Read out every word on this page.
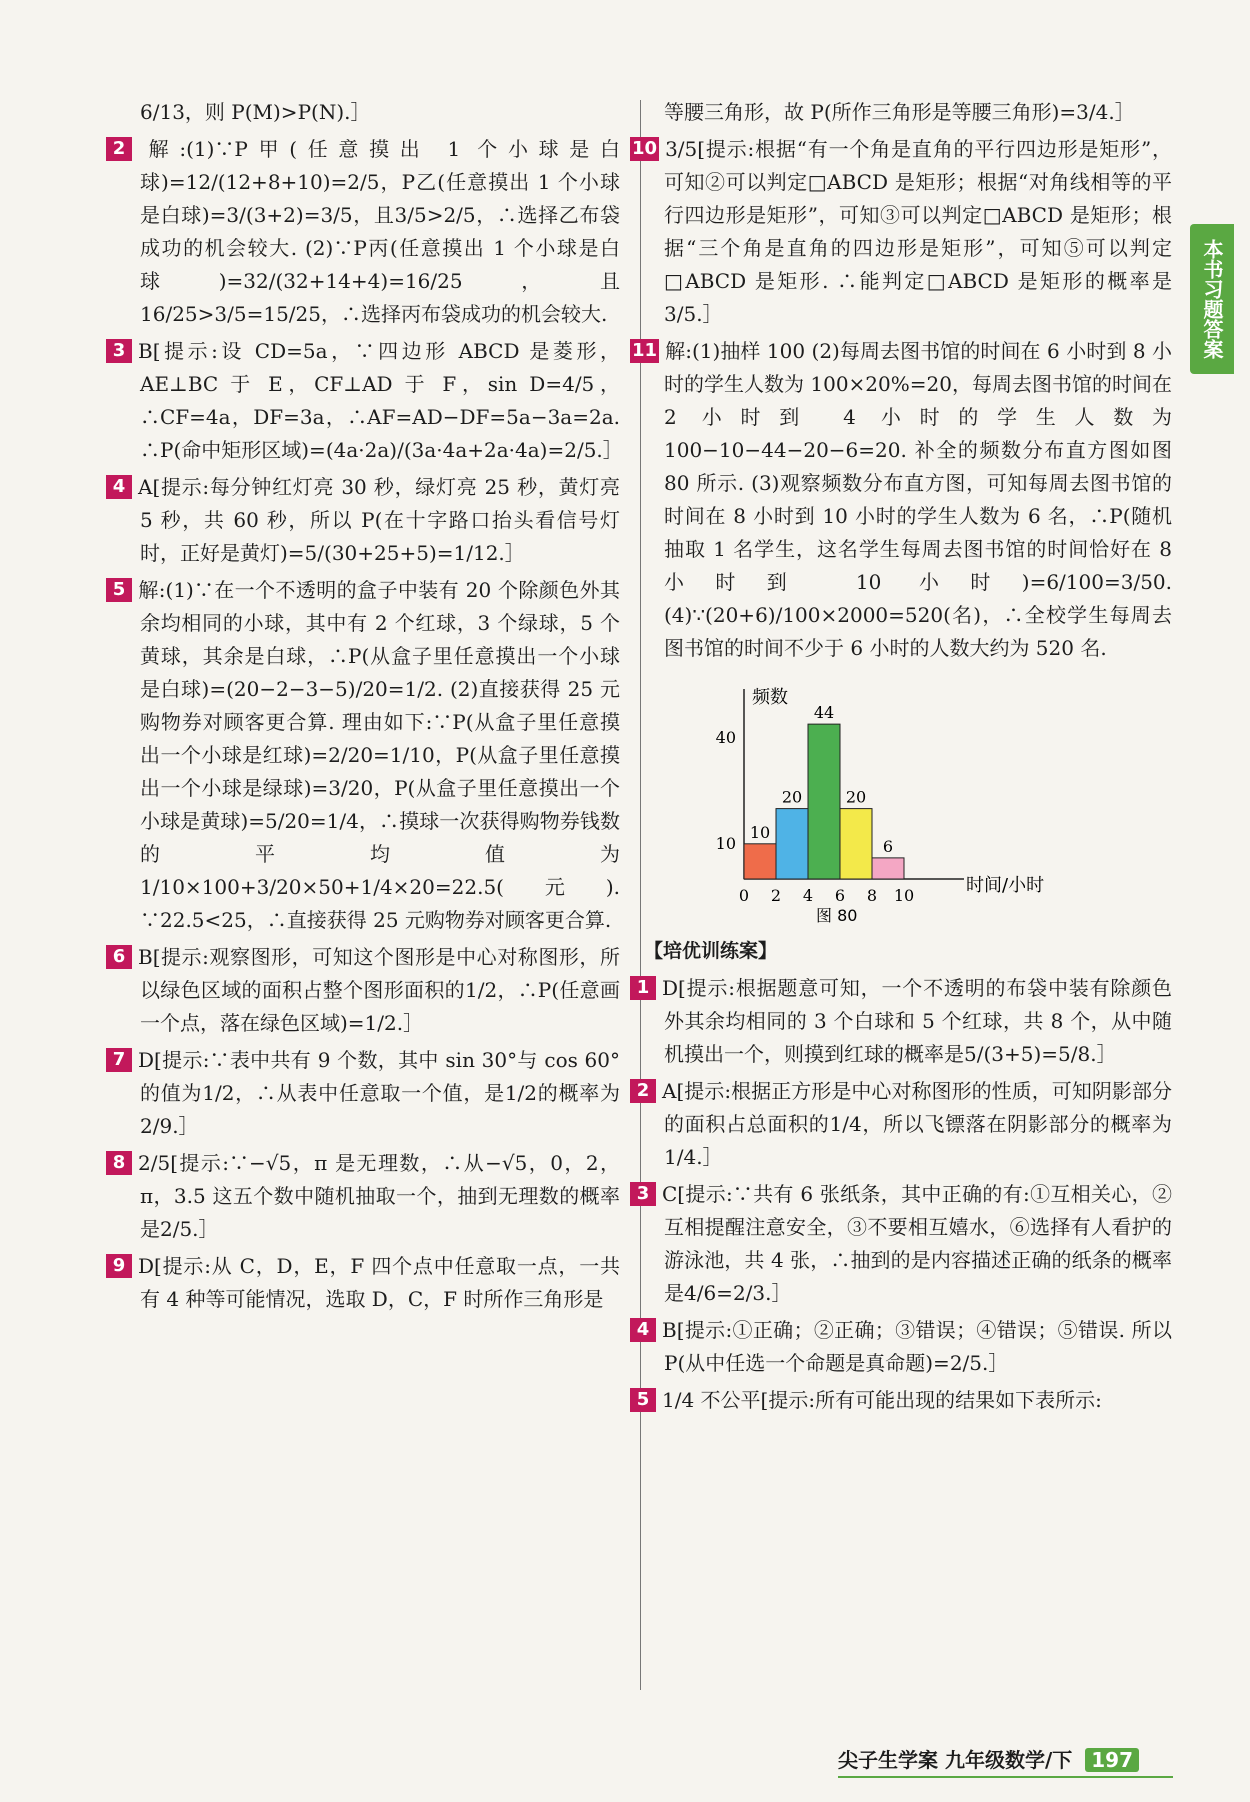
本书习题答案
6/13，则 P(M)>P(N).］
2 解:(1)∵P甲(任意摸出 1 个小球是白球)=12/(12+8+10)=2/5，P乙(任意摸出 1 个小球是白球)=3/(3+2)=3/5，且3/5>2/5，∴选择乙布袋成功的机会较大. (2)∵P丙(任意摸出 1 个小球是白球)=32/(32+14+4)=16/25，且16/25>3/5=15/25，∴选择丙布袋成功的机会较大.
3 B[提示:设 CD=5a，∵四边形 ABCD 是菱形，AE⊥BC 于 E，CF⊥AD 于 F，sin D=4/5，∴CF=4a，DF=3a，∴AF=AD−DF=5a−3a=2a. ∴P(命中矩形区域)=(4a·2a)/(3a·4a+2a·4a)=2/5.］
4 A[提示:每分钟红灯亮 30 秒，绿灯亮 25 秒，黄灯亮 5 秒，共 60 秒，所以 P(在十字路口抬头看信号灯时，正好是黄灯)=5/(30+25+5)=1/12.］
5 解:(1)∵在一个不透明的盒子中装有 20 个除颜色外其余均相同的小球，其中有 2 个红球，3 个绿球，5 个黄球，其余是白球，∴P(从盒子里任意摸出一个小球是白球)=(20−2−3−5)/20=1/2. (2)直接获得 25 元购物券对顾客更合算. 理由如下:∵P(从盒子里任意摸出一个小球是红球)=2/20=1/10，P(从盒子里任意摸出一个小球是绿球)=3/20，P(从盒子里任意摸出一个小球是黄球)=5/20=1/4，∴摸球一次获得购物券钱数的平均值为1/10×100+3/20×50+1/4×20=22.5(元). ∵22.5<25，∴直接获得 25 元购物券对顾客更合算.
6 B[提示:观察图形，可知这个图形是中心对称图形，所以绿色区域的面积占整个图形面积的1/2，∴P(任意画一个点，落在绿色区域)=1/2.］
7 D[提示:∵表中共有 9 个数，其中 sin 30°与 cos 60°的值为1/2，∴从表中任意取一个值，是1/2的概率为2/9.］
8 2/5[提示:∵−√5，π 是无理数，∴从−√5，0，2，π，3.5 这五个数中随机抽取一个，抽到无理数的概率是2/5.］
9 D[提示:从 C，D，E，F 四个点中任意取一点，一共有 4 种等可能情况，选取 D，C，F 时所作三角形是
等腰三角形，故 P(所作三角形是等腰三角形)=3/4.］
10 3/5[提示:根据“有一个角是直角的平行四边形是矩形”，可知②可以判定□ABCD 是矩形；根据“对角线相等的平行四边形是矩形”，可知③可以判定□ABCD 是矩形；根据“三个角是直角的四边形是矩形”，可知⑤可以判定□ABCD 是矩形. ∴能判定□ABCD 是矩形的概率是3/5.］
11 解:(1)抽样 100 (2)每周去图书馆的时间在 6 小时到 8 小时的学生人数为 100×20%=20，每周去图书馆的时间在 2 小时到 4 小时的学生人数为 100−10−44−20−6=20. 补全的频数分布直方图如图 80 所示. (3)观察频数分布直方图，可知每周去图书馆的时间在 8 小时到 10 小时的学生人数为 6 名，∴P(随机抽取 1 名学生，这名学生每周去图书馆的时间恰好在 8 小时到 10 小时)=6/100=3/50. (4)∵(20+6)/100×2000=520(名)，∴全校学生每周去图书馆的时间不少于 6 小时的人数大约为 520 名.
频数
时间/小时
图 80
10
20
44
20
6
0 2 4 6 8 10
10
40
【培优训练案】
1 D[提示:根据题意可知，一个不透明的布袋中装有除颜色外其余均相同的 3 个白球和 5 个红球，共 8 个，从中随机摸出一个，则摸到红球的概率是5/(3+5)=5/8.］
2 A[提示:根据正方形是中心对称图形的性质，可知阴影部分的面积占总面积的1/4，所以飞镖落在阴影部分的概率为1/4.］
3 C[提示:∵共有 6 张纸条，其中正确的有:①互相关心，②互相提醒注意安全，③不要相互嬉水，⑥选择有人看护的游泳池，共 4 张，∴抽到的是内容描述正确的纸条的概率是4/6=2/3.］
4 B[提示:①正确；②正确；③错误；④错误；⑤错误. 所以 P(从中任选一个命题是真命题)=2/5.］
5 1/4 不公平[提示:所有可能出现的结果如下表所示:
尖子生学案 九年级数学/下 197
